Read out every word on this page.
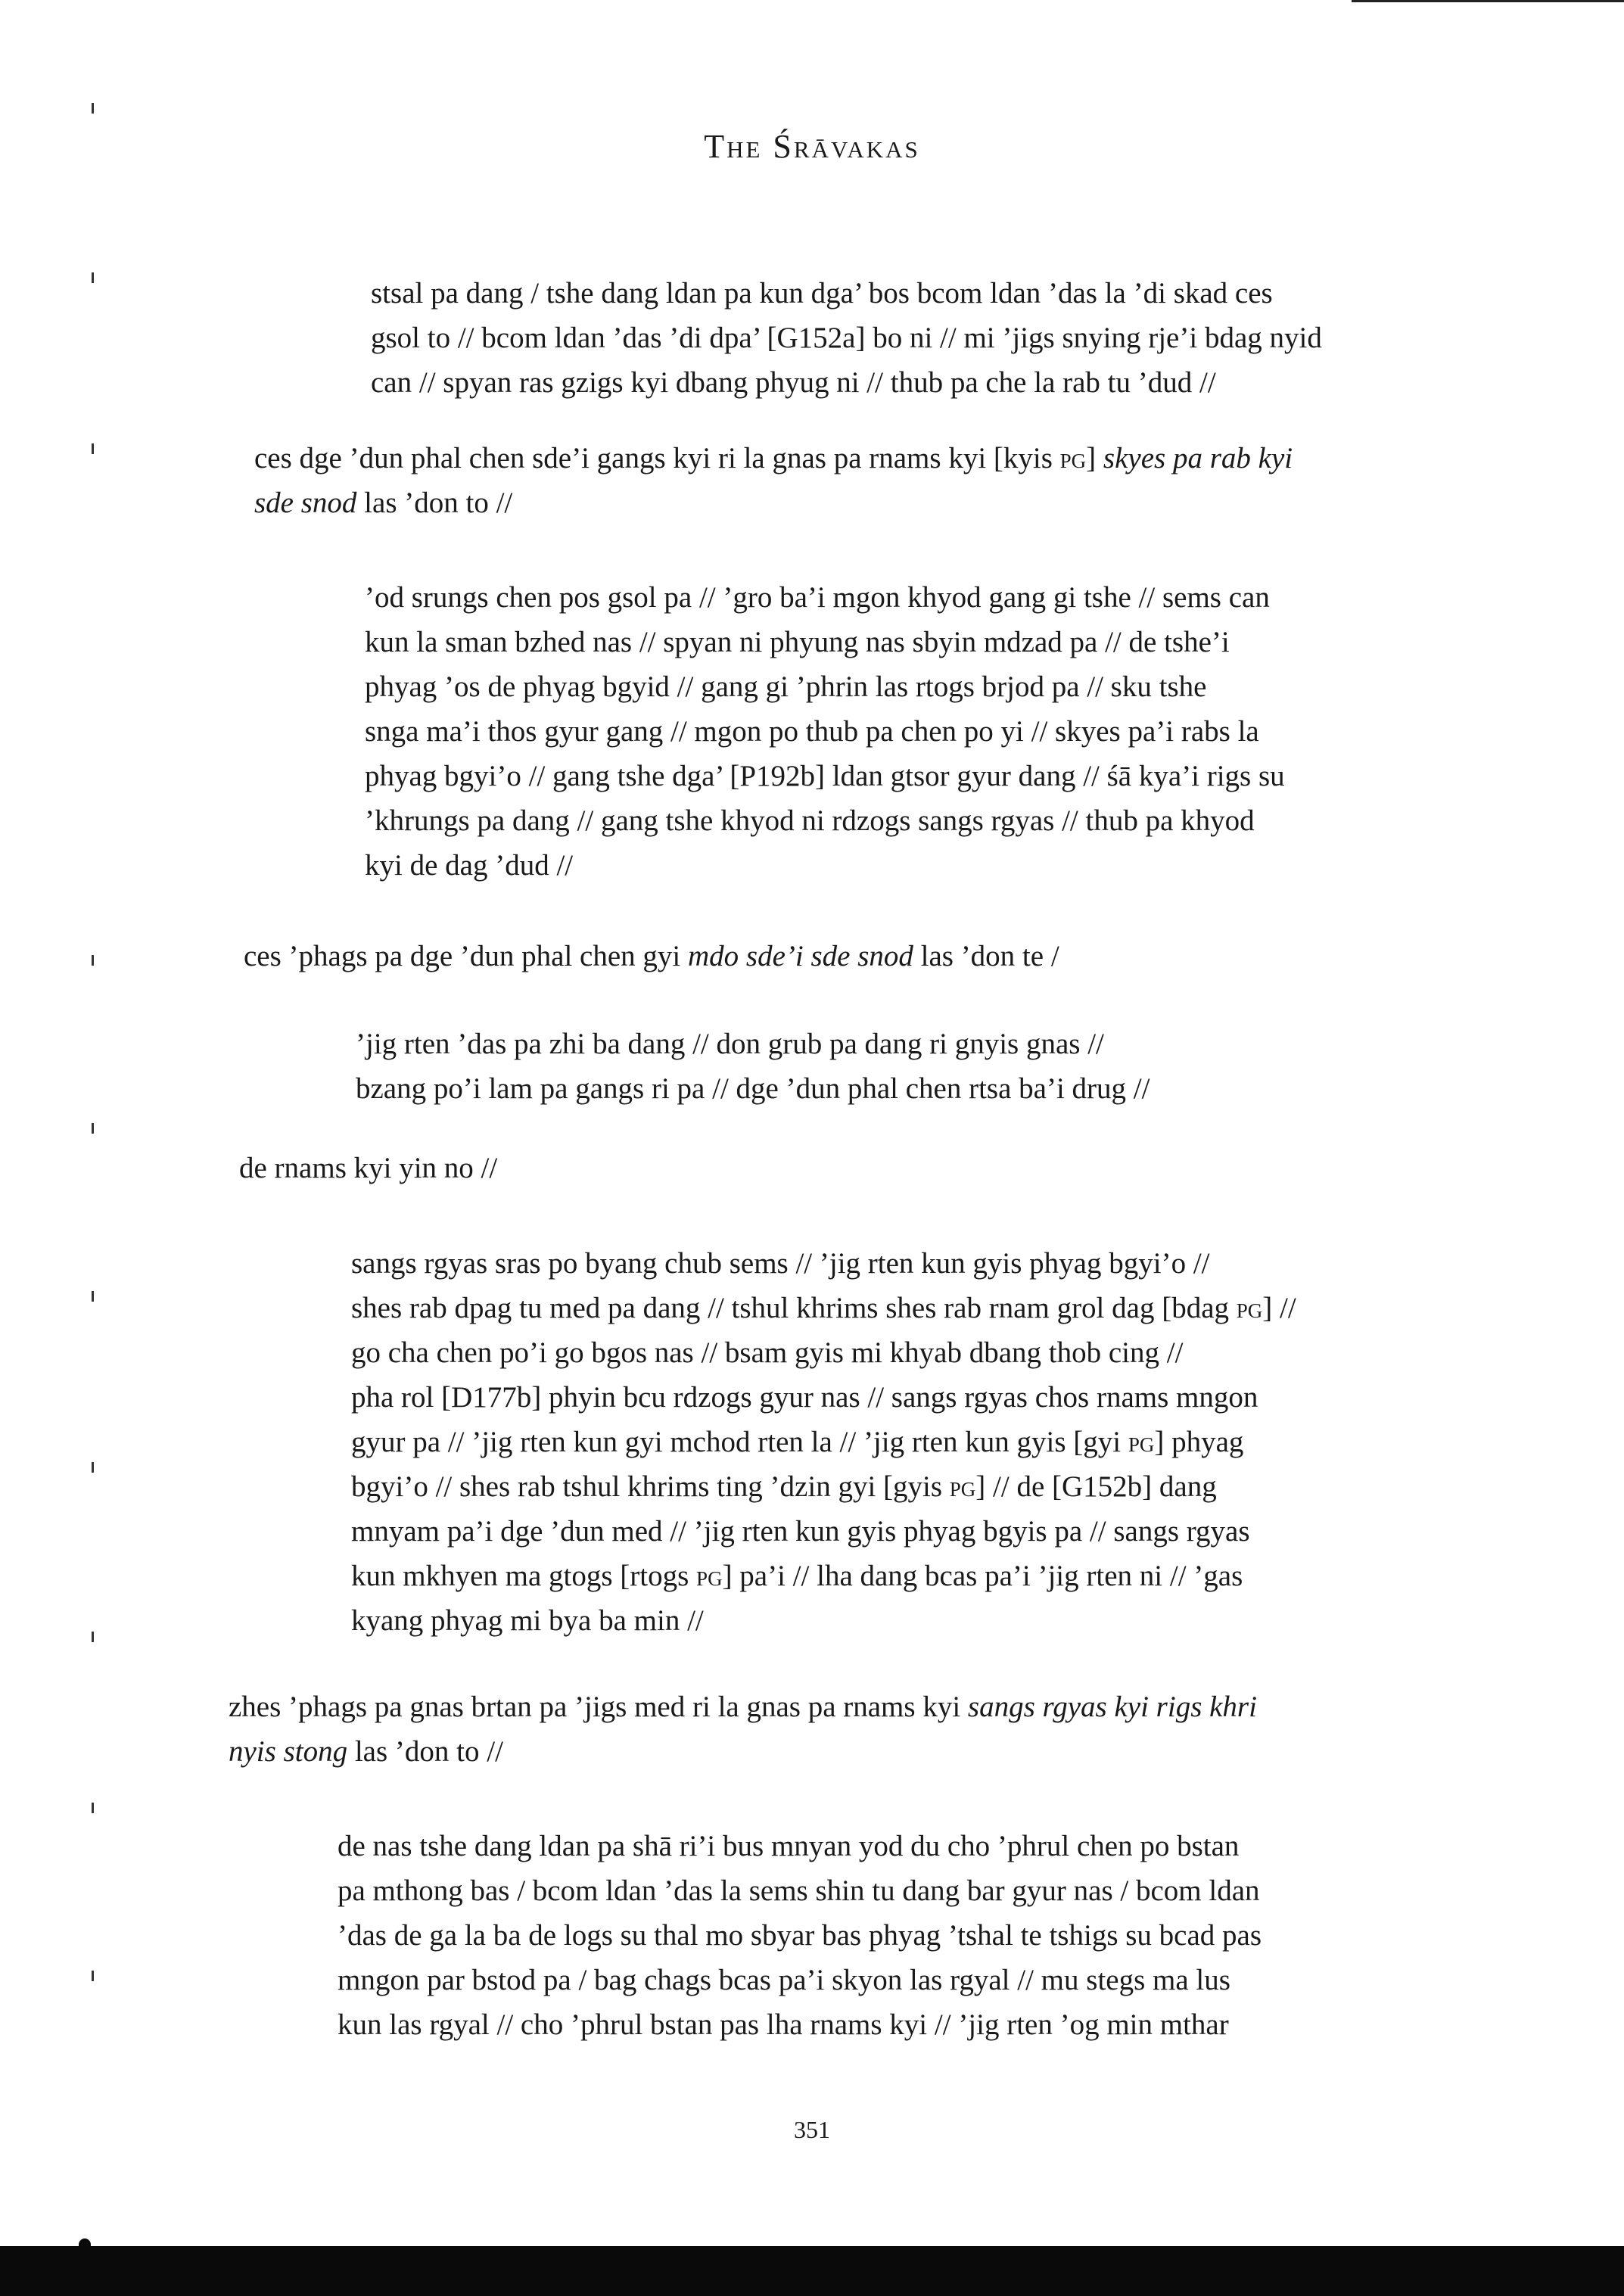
The Śrāvakas
stsal pa dang / tshe dang ldan pa kun dga’ bos bcom ldan ’das la ’di skad ces
gsol to // bcom ldan ’das ’di dpa’ [G152a] bo ni // mi ’jigs snying rje’i bdag nyid
can // spyan ras gzigs kyi dbang phyug ni // thub pa che la rab tu ’dud //
ces dge ’dun phal chen sde’i gangs kyi ri la gnas pa rnams kyi [kyis pg] skyes pa rab kyi
sde snod las ’don to //
’od srungs chen pos gsol pa // ’gro ba’i mgon khyod gang gi tshe // sems can
kun la sman bzhed nas // spyan ni phyung nas sbyin mdzad pa // de tshe’i
phyag ’os de phyag bgyid // gang gi ’phrin las rtogs brjod pa // sku tshe
snga ma’i thos gyur gang // mgon po thub pa chen po yi // skyes pa’i rabs la
phyag bgyi’o // gang tshe dga’ [P192b] ldan gtsor gyur dang // śā kya’i rigs su
’khrungs pa dang // gang tshe khyod ni rdzogs sangs rgyas // thub pa khyod
kyi de dag ’dud //
ces ’phags pa dge ’dun phal chen gyi mdo sde’i sde snod las ’don te /
’jig rten ’das pa zhi ba dang // don grub pa dang ri gnyis gnas //
bzang po’i lam pa gangs ri pa // dge ’dun phal chen rtsa ba’i drug //
de rnams kyi yin no //
sangs rgyas sras po byang chub sems // ’jig rten kun gyis phyag bgyi’o //
shes rab dpag tu med pa dang // tshul khrims shes rab rnam grol dag [bdag pg] //
go cha chen po’i go bgos nas // bsam gyis mi khyab dbang thob cing //
pha rol [D177b] phyin bcu rdzogs gyur nas // sangs rgyas chos rnams mngon
gyur pa // ’jig rten kun gyi mchod rten la // ’jig rten kun gyis [gyi pg] phyag
bgyi’o // shes rab tshul khrims ting ’dzin gyi [gyis pg] // de [G152b] dang
mnyam pa’i dge ’dun med // ’jig rten kun gyis phyag bgyis pa // sangs rgyas
kun mkhyen ma gtogs [rtogs pg] pa’i // lha dang bcas pa’i ’jig rten ni // ’gas
kyang phyag mi bya ba min //
zhes ’phags pa gnas brtan pa ’jigs med ri la gnas pa rnams kyi sangs rgyas kyi rigs khri
nyis stong las ’don to //
de nas tshe dang ldan pa shā ri’i bus mnyan yod du cho ’phrul chen po bstan
pa mthong bas / bcom ldan ’das la sems shin tu dang bar gyur nas / bcom ldan
’das de ga la ba de logs su thal mo sbyar bas phyag ’tshal te tshigs su bcad pas
mngon par bstod pa / bag chags bcas pa’i skyon las rgyal // mu stegs ma lus
kun las rgyal // cho ’phrul bstan pas lha rnams kyi // ’jig rten ’og min mthar
351
